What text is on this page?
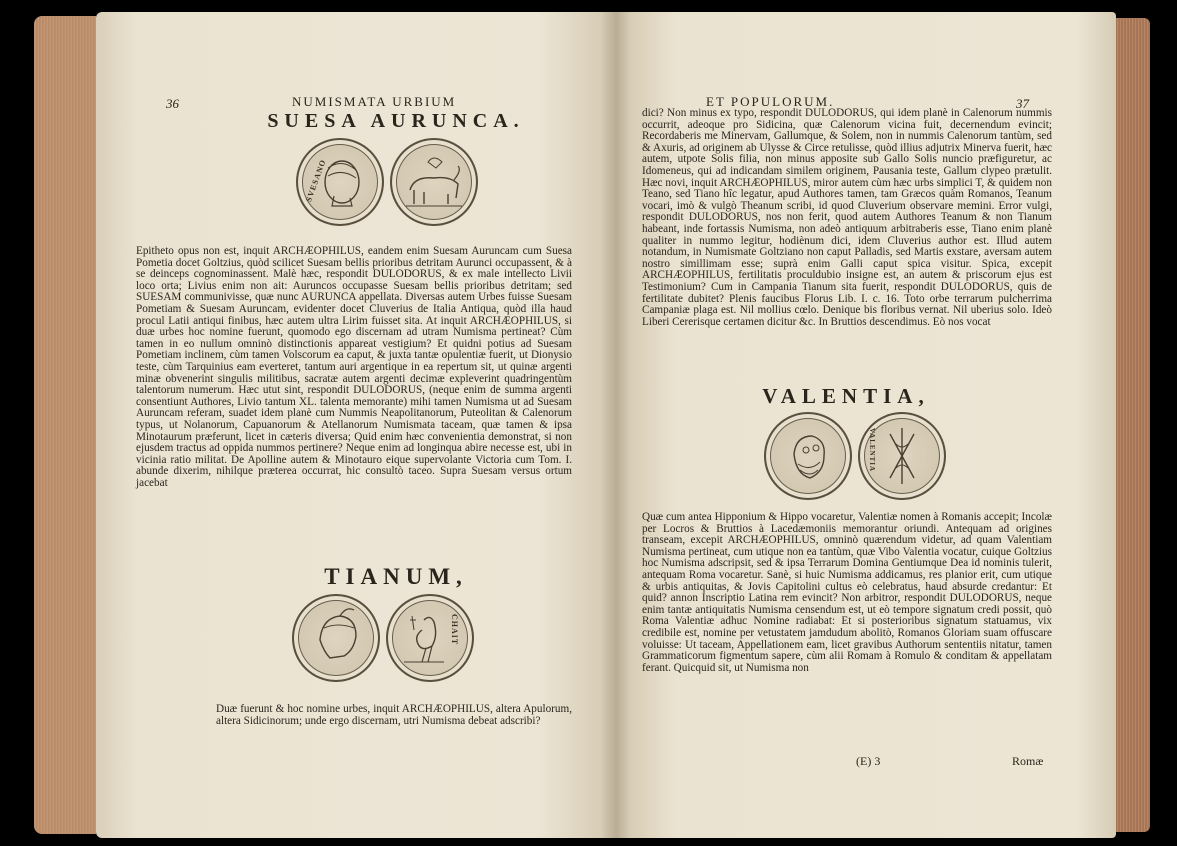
36	NUMISMATA URBIUM
SUESA AURUNCA.
SVESANO

Epitheto opus non est, inquit ARCHÆOPHILUS, eandem enim Suesam Auruncam cum Suesa Pometia docet Goltzius, quòd scilicet Suesam bellis prioribus detritam Aurunci occupassent, & à se deinceps cognominassent. Malè hæc, respondit DULODORUS, & ex male intellecto Livii loco orta; Livius enim non ait: Auruncos occupasse Suesam bellis prioribus detritam; sed SUESAM communivisse, quæ nunc AURUNCA appellata. Diversas autem Urbes fuisse Suesam Pometiam & Suesam Auruncam, evidenter docet Cluverius de Italia Antiqua, quòd illa haud procul Latii antiqui finibus, hæc autem ultra Lirim fuisset sita. At inquit ARCHÆOPHILUS, si duæ urbes hoc nomine fuerunt, quomodo ego discernam ad utram Numisma pertineat? Cùm tamen in eo nullum omninò distinctionis appareat vestigium? Et quidni potius ad Suesam Pometiam inclinem, cùm tamen Volscorum ea caput, & juxta tantæ opulentiæ fuerit, ut Dionysio teste, cùm Tarquinius eam everteret, tantum auri argentique in ea repertum sit, ut quinæ argenti minæ obvenerint singulis militibus, sacratæ autem argenti decimæ expleverint quadringentùm talentorum numerum. Hæc utut sint, respondit DULODORUS, (neque enim de summa argenti consentiunt Authores, Livio tantum XL. talenta memorante) mihi tamen Numisma ut ad Suesam Auruncam referam, suadet idem planè cum Nummis Neapolitanorum, Puteolitan & Calenorum typus, ut Nolanorum, Capuanorum & Atellanorum Numismata taceam, quæ tamen & ipsa Minotaurum præferunt, licet in cæteris diversa; Quid enim hæc convenientia demonstrat, si non ejusdem tractus ad oppida nummos pertinere? Neque enim ad longinqua abire necesse est, ubi in vicinia ratio militat. De Apolline autem & Minotauro eique supervolante Victoria cum Tom. I. abunde dixerim, nihilque præterea occurrat, hic consultò taceo. Supra Suesam versus ortum jacebat

TIANUM,
CHAIT

Duæ fuerunt & hoc nomine urbes, inquit ARCHÆOPHILUS, altera Apulorum, altera Sidicinorum; unde ergo discernam, utri Numisma debeat adscribi?

ET POPULORUM.	37

dici? Non minus ex typo, respondit DULODORUS, qui idem planè in Calenorum nummis occurrit, adeoque pro Sidicina, quæ Calenorum vicina fuit, decernendum evincit; Recordaberis me Minervam, Gallumque, & Solem, non in nummis Calenorum tantùm, sed & Axuris, ad originem ab Ulysse & Circe retulisse, quòd illius adjutrix Minerva fuerit, hæc autem, utpote Solis filia, non minus apposite sub Gallo Solis nuncio præfiguretur, ac Idomeneus, qui ad indicandam similem originem, Pausania teste, Gallum clypeo prætulit. Hæc novi, inquit ARCHÆOPHILUS, miror autem cùm hæc urbs simplici T, & quidem non Teano, sed Tiano hîc legatur, apud Authores tamen, tam Græcos quàm Romanos, Teanum vocari, imò & vulgò Theanum scribi, id quod Cluverium observare memini. Error vulgi, respondit DULODORUS, nos non ferit, quod autem Authores Teanum & non Tianum habeant, inde fortassis Numisma, non adeò antiquum arbitraberis esse, Tiano enim planè qualiter in nummo legitur, hodiènum dici, idem Cluverius author est. Illud autem notandum, in Numismate Goltziano non caput Palladis, sed Martis exstare, aversam autem nostro simillimam esse; suprà enim Galli caput spica visitur. Spica, excepit ARCHÆOPHILUS, fertilitatis proculdubio insigne est, an autem & priscorum ejus est Testimonium? Cum in Campania Tianum sita fuerit, respondit DULODORUS, quis de fertilitate dubitet? Plenis faucibus Florus Lib. I. c. 16. Toto orbe terrarum pulcherrima Campaniæ plaga est. Nil mollius cœlo. Denique bis floribus vernat. Nil uberius solo. Ideò Liberi Cererisque certamen dicitur &c. In Bruttios descendimus. Eò nos vocat

VALENTIA,
VALENTIA

Quæ cum antea Hipponium & Hippo vocaretur, Valentiæ nomen à Romanis accepit; Incolæ per Locros & Bruttios à Lacedæmoniis memorantur oriundi. Antequam ad origines transeam, excepit ARCHÆOPHILUS, omninò quærendum videtur, ad quam Valentiam Numisma pertineat, cum utique non ea tantùm, quæ Vibo Valentia vocatur, cuique Goltzius hoc Numisma adscripsit, sed & ipsa Terrarum Domina Gentiumque Dea id nominis tulerit, antequam Roma vocaretur. Sanè, si huic Numisma addicamus, res planior erit, cum utique & urbis antiquitas, & Jovis Capitolini cultus eò celebratus, haud absurde credantur: Et quid? annon Inscriptio Latina rem evincit? Non arbitror, respondit DULODORUS, neque enim tantæ antiquitatis Numisma censendum est, ut eò tempore signatum credi possit, quò Roma Valentiæ adhuc Nomine radiabat: Et si posterioribus signatum statuamus, vix credibile est, nomine per vetustatem jamdudum abolitò, Romanos Gloriam suam offuscare voluisse: Ut taceam, Appellationem eam, licet gravibus Authorum sententiis nitatur, tamen Grammaticorum figmentum sapere, cùm alii Romam à Romulo & conditam & appellatam ferant. Quicquid sit, ut Numisma non

(E) 3	Romæ
